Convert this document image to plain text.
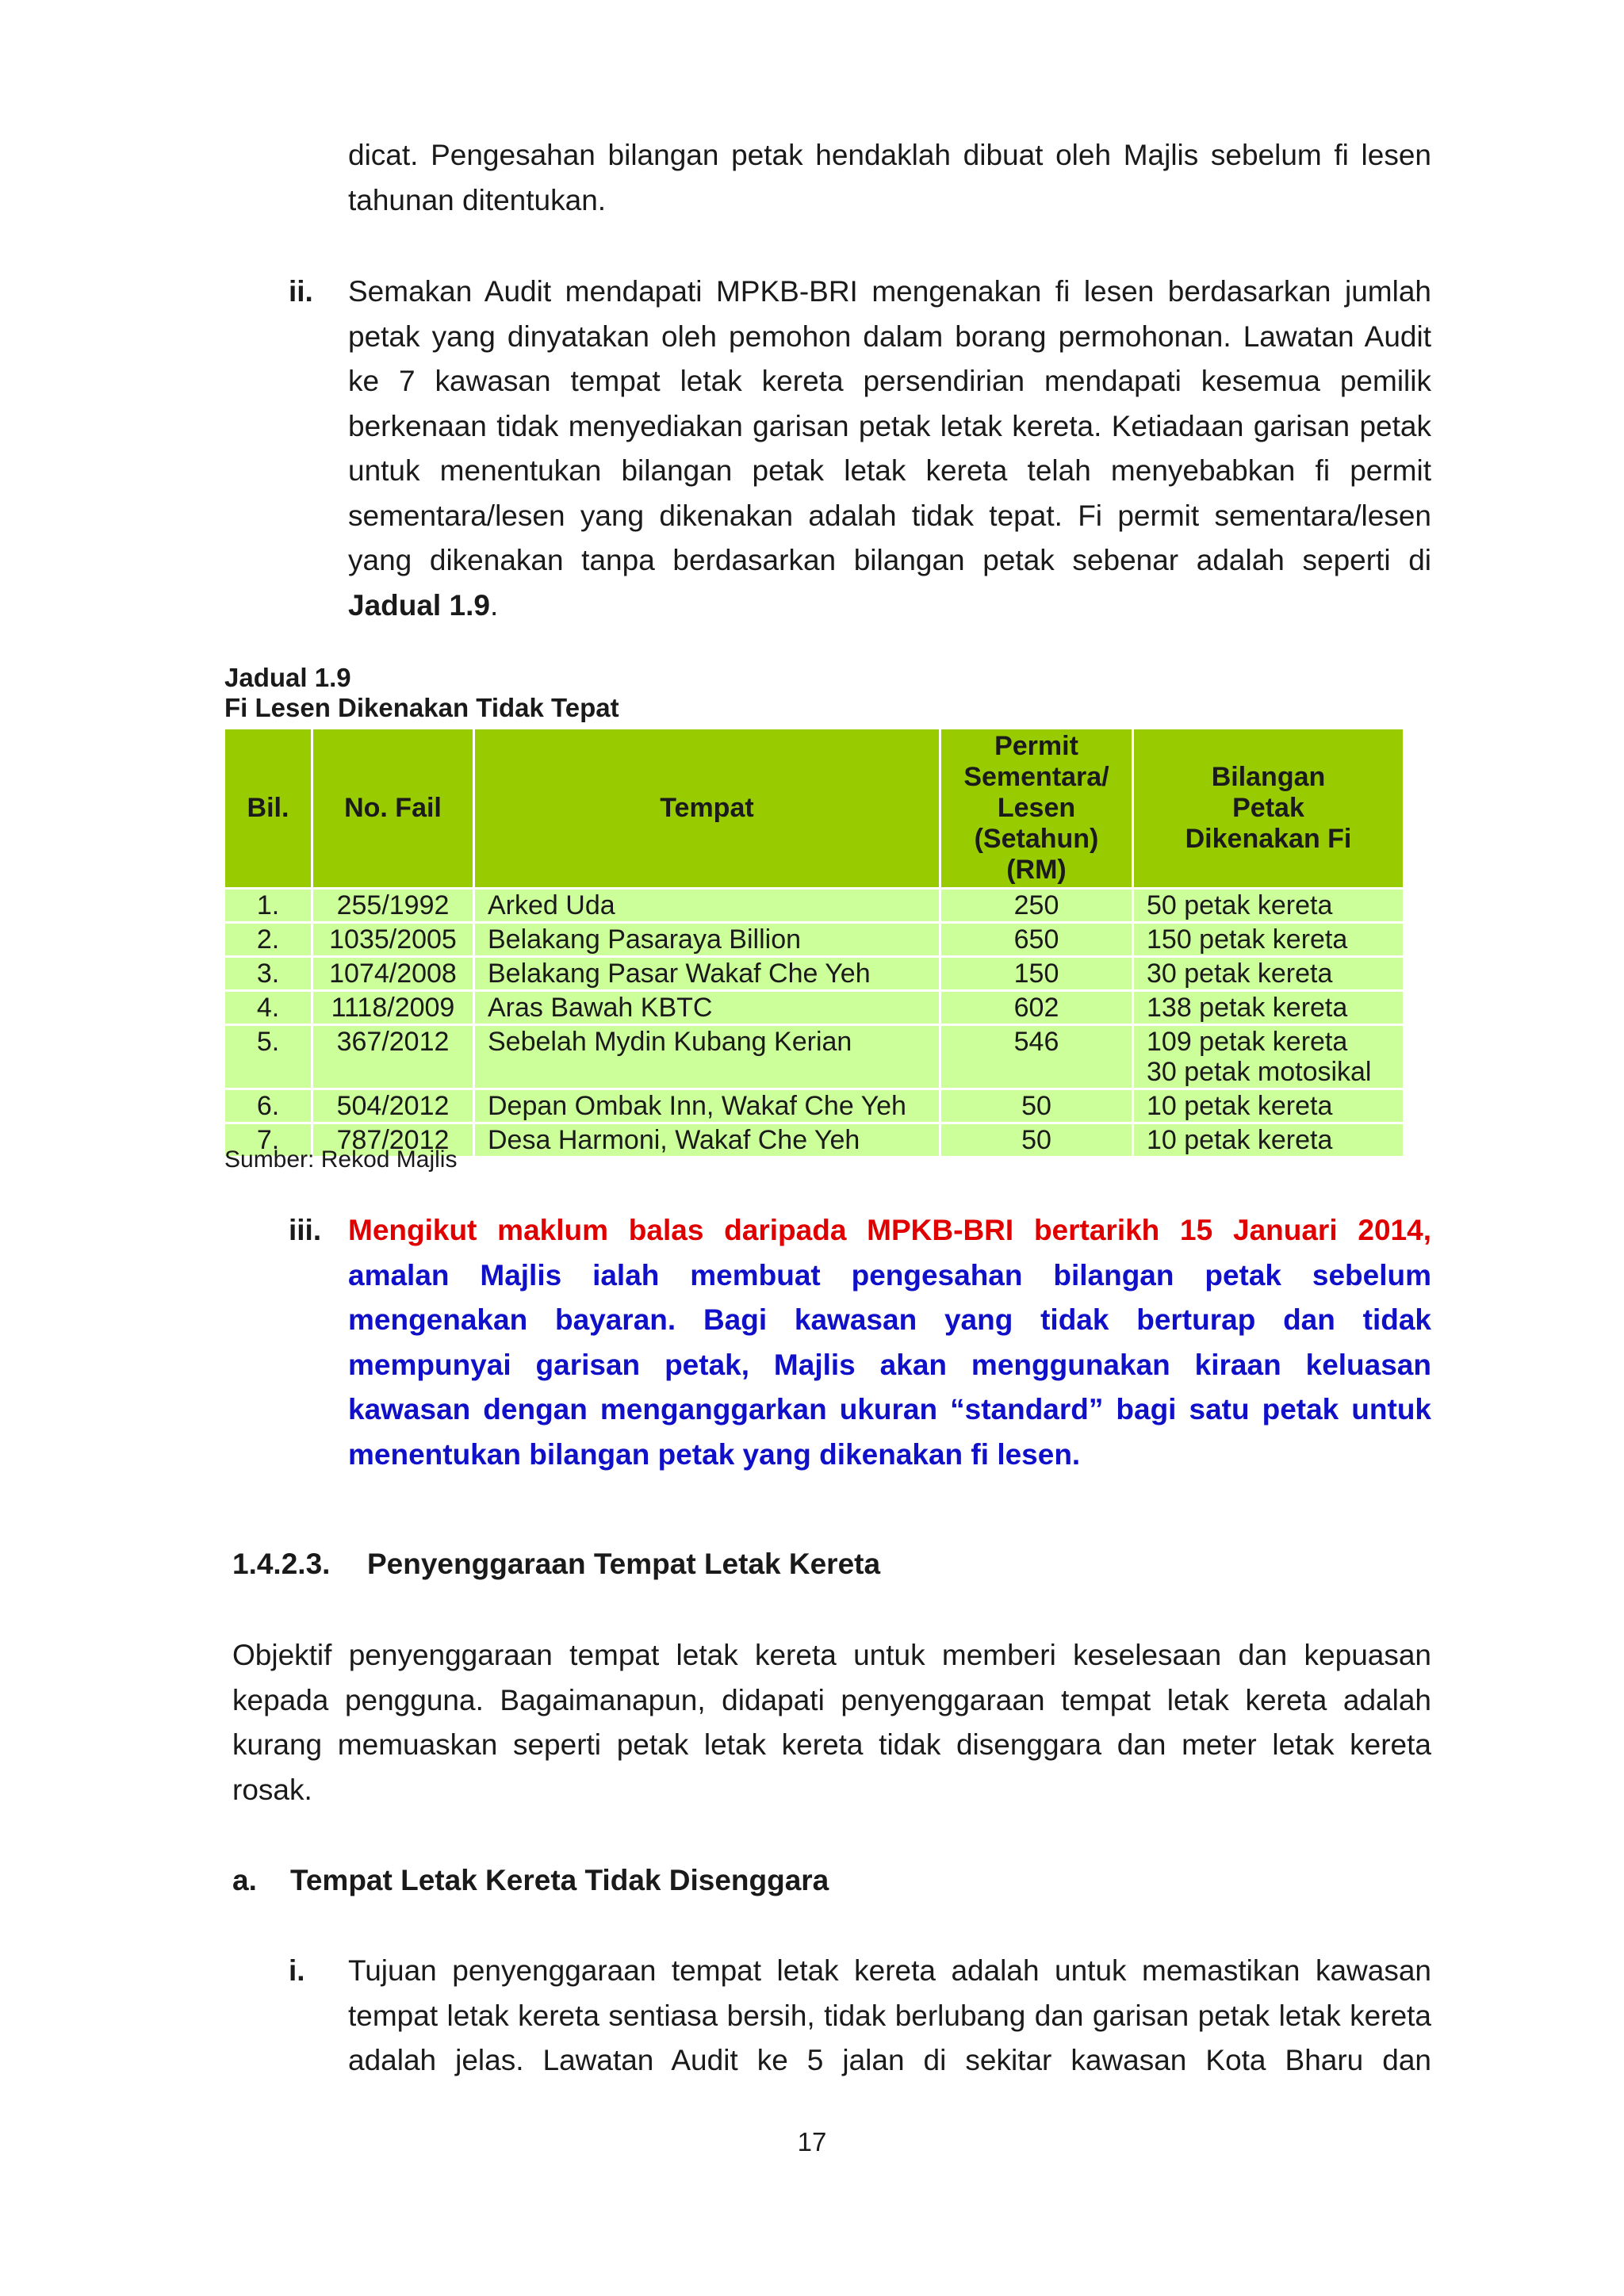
dicat. Pengesahan bilangan petak hendaklah dibuat oleh Majlis sebelum fi lesen tahunan ditentukan.
ii. Semakan Audit mendapati MPKB-BRI mengenakan fi lesen berdasarkan jumlah petak yang dinyatakan oleh pemohon dalam borang permohonan. Lawatan Audit ke 7 kawasan tempat letak kereta persendirian mendapati kesemua pemilik berkenaan tidak menyediakan garisan petak letak kereta. Ketiadaan garisan petak untuk menentukan bilangan petak letak kereta telah menyebabkan fi permit sementara/lesen yang dikenakan adalah tidak tepat. Fi permit sementara/lesen yang dikenakan tanpa berdasarkan bilangan petak sebenar adalah seperti di Jadual 1.9.
Jadual 1.9
Fi Lesen Dikenakan Tidak Tepat
Bil.	No. Fail	Tempat	Permit Sementara/ Lesen (Setahun) (RM)	Bilangan Petak Dikenakan Fi
1.	255/1992	Arked Uda	250	50 petak kereta

2.	1035/2005	Belakang Pasaraya Billion	650	150 petak kereta

3.	1074/2008	Belakang Pasar Wakaf Che Yeh	150	30 petak kereta

4.	1118/2009	Aras Bawah KBTC	602	138 petak kereta

5.	367/2012	Sebelah Mydin Kubang Kerian	546	109 petak kereta
30 petak motosikal

6.	504/2012	Depan Ombak Inn, Wakaf Che Yeh	50	10 petak kereta

7.	787/2012	Desa Harmoni, Wakaf Che Yeh	50	10 petak kereta
Sumber: Rekod Majlis
iii. Mengikut maklum balas daripada MPKB-BRI bertarikh 15 Januari 2014, amalan Majlis ialah membuat pengesahan bilangan petak sebelum mengenakan bayaran. Bagi kawasan yang tidak berturap dan tidak mempunyai garisan petak, Majlis akan menggunakan kiraan keluasan kawasan dengan menganggarkan ukuran “standard” bagi satu petak untuk menentukan bilangan petak yang dikenakan fi lesen.
1.4.2.3. Penyenggaraan Tempat Letak Kereta
Objektif penyenggaraan tempat letak kereta untuk memberi keselesaan dan kepuasan kepada pengguna. Bagaimanapun, didapati penyenggaraan tempat letak kereta adalah kurang memuaskan seperti petak letak kereta tidak disenggara dan meter letak kereta rosak.
a. Tempat Letak Kereta Tidak Disenggara
i. Tujuan penyenggaraan tempat letak kereta adalah untuk memastikan kawasan tempat letak kereta sentiasa bersih, tidak berlubang dan garisan petak letak kereta adalah jelas. Lawatan Audit ke 5 jalan di sekitar kawasan Kota Bharu dan
17
